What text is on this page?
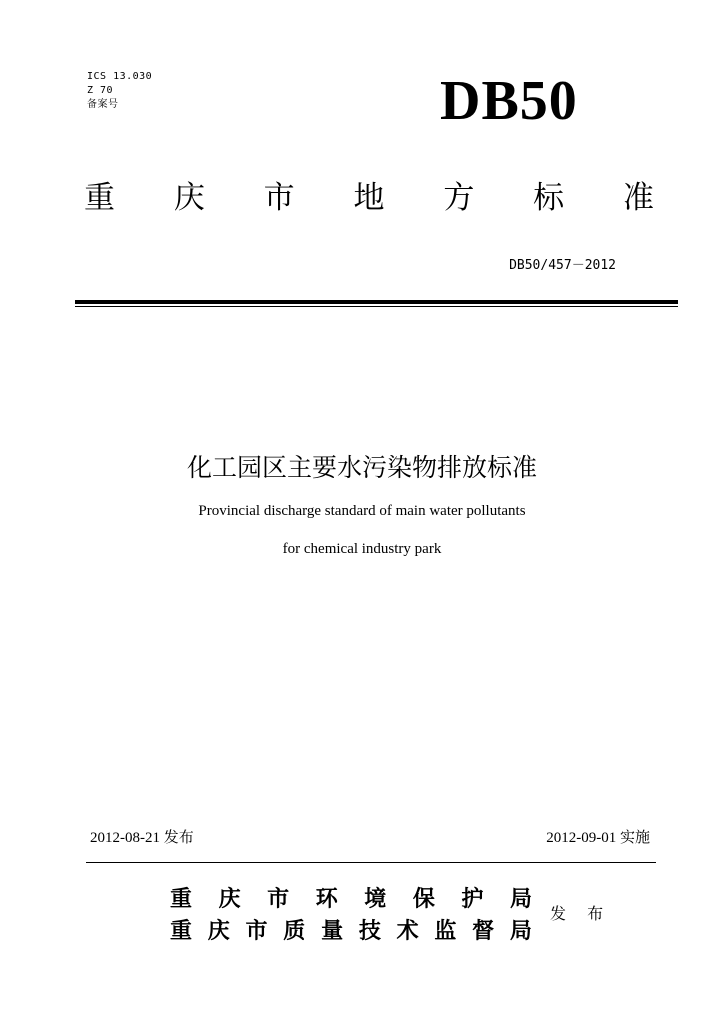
ICS 13.030
Z 70
备案号	DB50
重 庆 市 地 方 标 准
DB50/457－2012
化工园区主要水污染物排放标准
Provincial discharge standard of main water pollutants
for chemical industry park
2012-08-21 发布	2012-09-01 实施
重 庆 市 环 境 保 护 局
重 庆 市 质 量 技 术 监 督 局
发 布
